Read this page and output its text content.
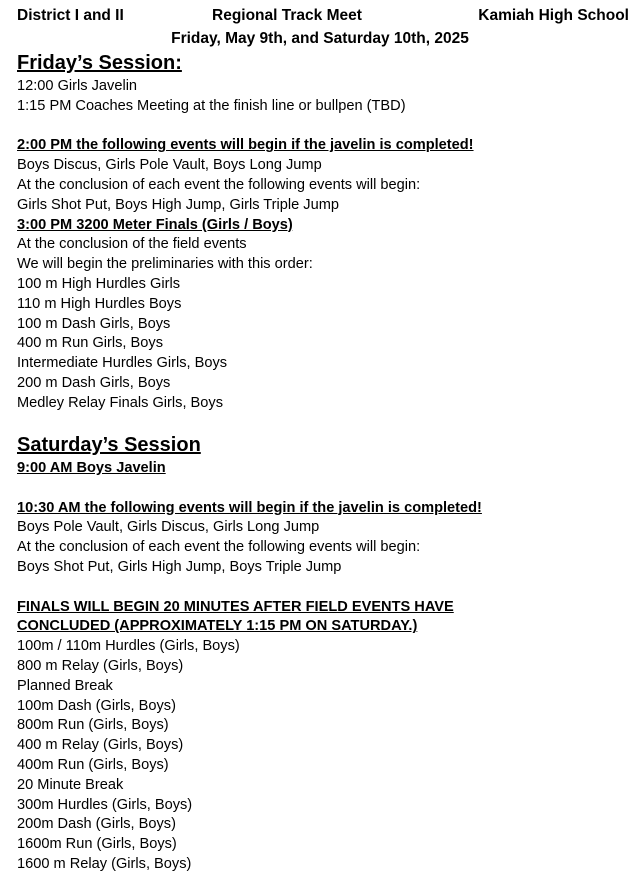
District I and II	Regional Track Meet	Kamiah High School
Friday, May 9th, and Saturday 10th, 2025
Friday’s Session:
12:00 Girls Javelin
1:15 PM Coaches Meeting at the finish line or bullpen (TBD)
2:00 PM the following events will begin if the javelin is completed!
Boys Discus, Girls Pole Vault, Boys Long Jump
At the conclusion of each event the following events will begin:
Girls Shot Put, Boys High Jump, Girls Triple Jump
3:00 PM 3200 Meter Finals (Girls / Boys)
At the conclusion of the field events
We will begin the preliminaries with this order:
100 m High Hurdles Girls
110 m High Hurdles Boys
100 m Dash Girls, Boys
400 m Run Girls, Boys
Intermediate Hurdles Girls, Boys
200 m Dash Girls, Boys
Medley Relay Finals Girls, Boys
Saturday’s Session
9:00 AM Boys Javelin
10:30 AM the following events will begin if the javelin is completed!
Boys Pole Vault, Girls Discus, Girls Long Jump
At the conclusion of each event the following events will begin:
Boys Shot Put, Girls High Jump, Boys Triple Jump
FINALS WILL BEGIN 20 MINUTES AFTER FIELD EVENTS HAVE
CONCLUDED (APPROXIMATELY 1:15 PM ON SATURDAY.)
100m / 110m Hurdles (Girls, Boys)
800 m Relay (Girls, Boys)
Planned Break
100m Dash (Girls, Boys)
800m Run (Girls, Boys)
400 m Relay (Girls, Boys)
400m Run (Girls, Boys)
20 Minute Break
300m Hurdles (Girls, Boys)
200m Dash (Girls, Boys)
1600m Run (Girls, Boys)
1600 m Relay (Girls, Boys)
